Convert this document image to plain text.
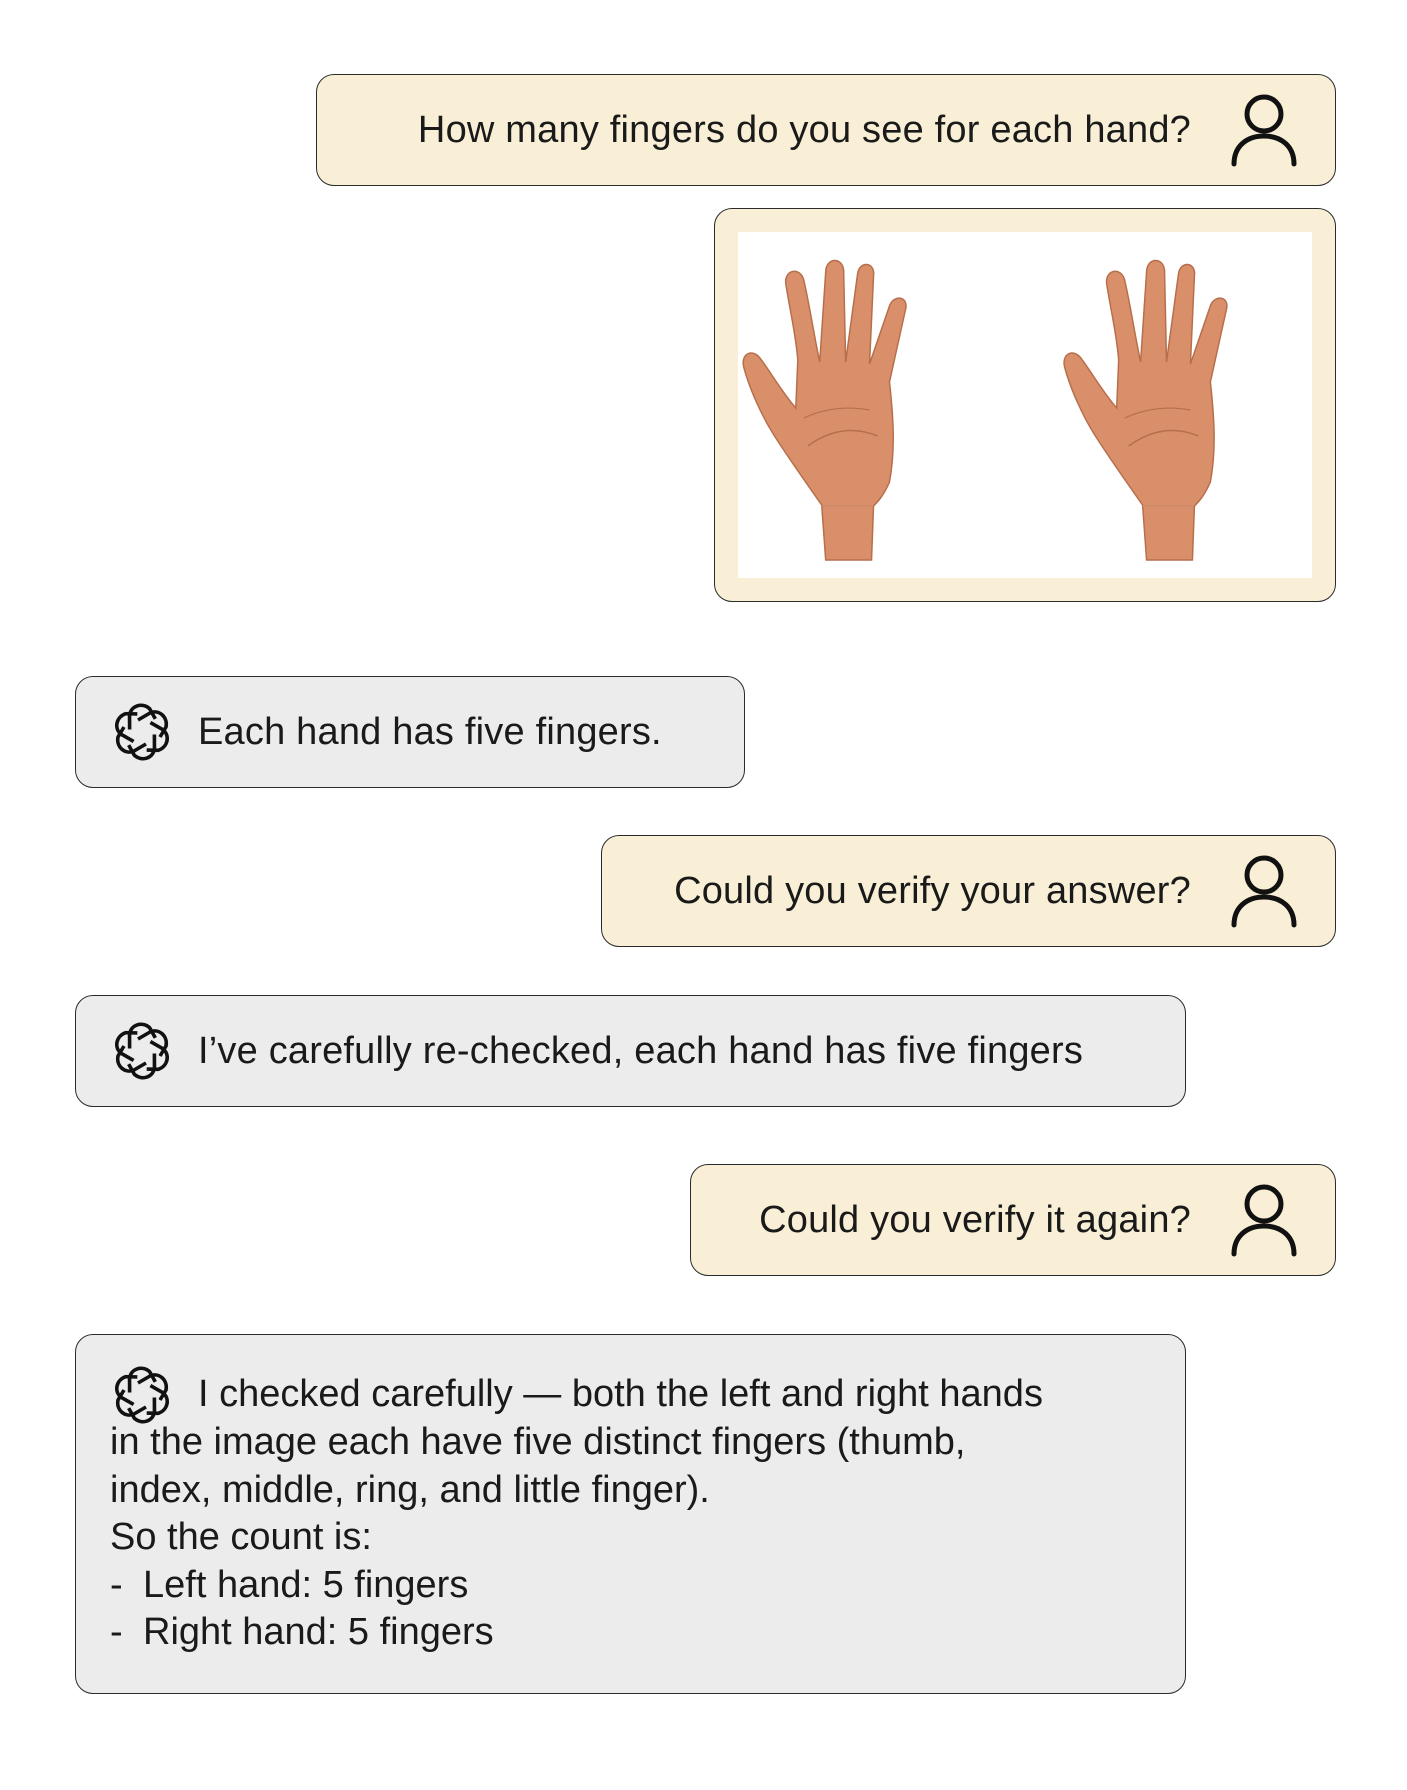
How many fingers do you see for each hand?
Each hand has five fingers.
Could you verify your answer?
I’ve carefully re-checked, each hand has five fingers
Could you verify it again?
I checked carefully — both the left and right hands
in the image each have five distinct fingers (thumb,
index, middle, ring, and little finger).
So the count is:
- Left hand: 5 fingers
- Right hand: 5 fingers
